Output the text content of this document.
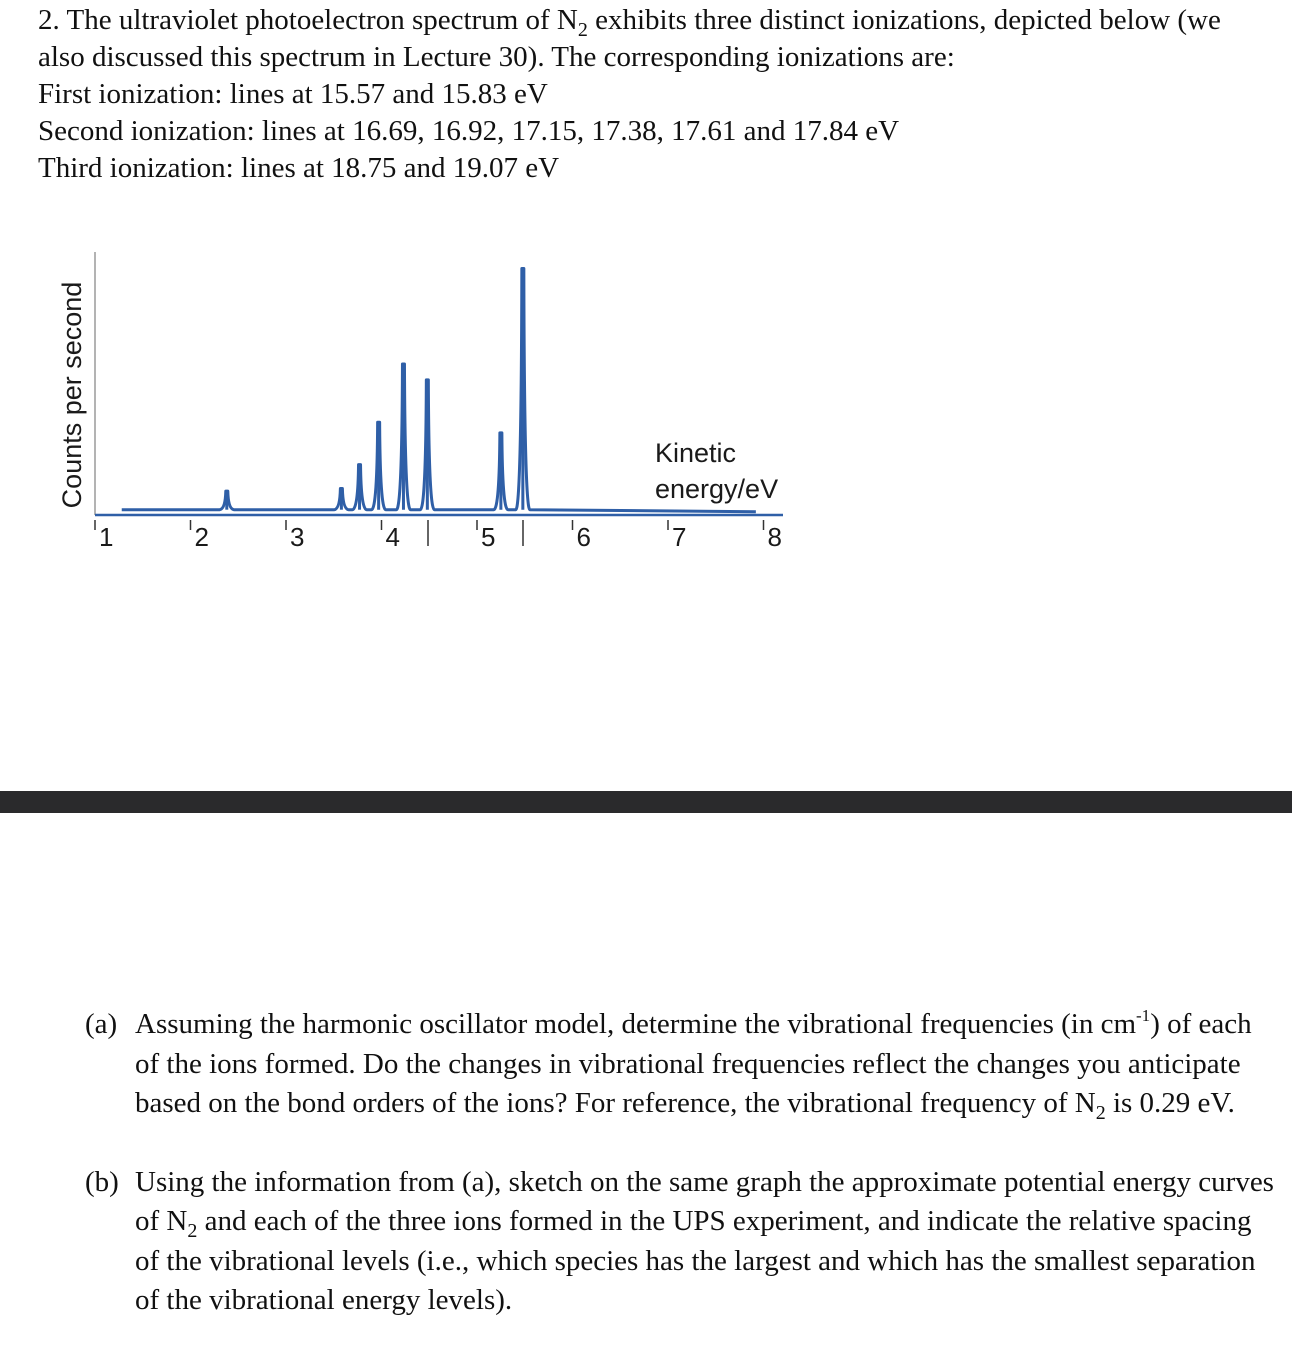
2. The ultraviolet photoelectron spectrum of $N_2$ exhibits three distinct ionizations, depicted below (we also discussed this spectrum in Lecture 30). The corresponding ionizations are:

First ionization: lines at 15.57 and 15.83 eV

Second ionization: lines at 16.69, 16.92, 17.15, 17.38, 17.61 and 17.84 eV

Third ionization: lines at 18.75 and 19.07 eV

Counts per second	Kinetic
energy/eV
1	2	3	4	5	6	7	8

(a) Assuming the harmonic oscillator model, determine the vibrational frequencies (in $cm^{-1}$) of each of the ions formed. Do the changes in vibrational frequencies reflect the changes you anticipate based on the bond orders of the ions? For reference, the vibrational frequency of $N_2$ is 0.29 eV.

(b) Using the information from (a), sketch on the same graph the approximate potential energy curves of $N_2$ and each of the three ions formed in the UPS experiment, and indicate the relative spacing of the vibrational levels (i.e., which species has the largest and which has the smallest separation of the vibrational energy levels).
